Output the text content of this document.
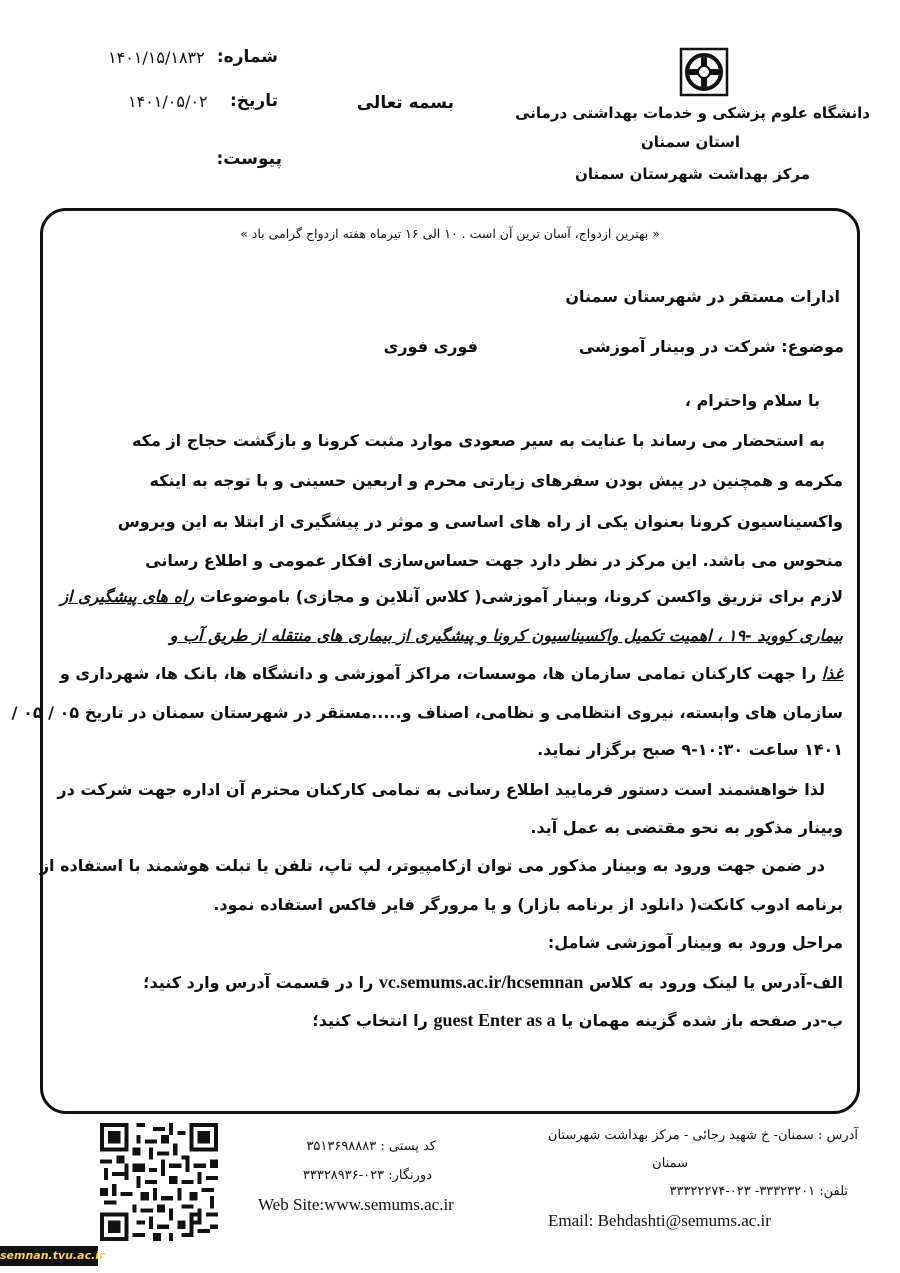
شماره:
۱۴۰۱/۱۵/۱۸۳۲
تاریخ:
۱۴۰۱/۰۵/۰۲
پیوست:
بسمه تعالی	دانشگاه علوم پزشکی و خدمات بهداشتی درمانی
استان سمنان
مرکز بهداشت شهرستان سمنان
« بهترین ازدواج، آسان ترین آن است . ۱۰ الی ۱۶ تیرماه هفته ازدواج گرامی باد »
ادارات مستقر در شهرستان سمنان
موضوع: شرکت در وبینار آموزشی
فوری فوری
با سلام واحترام ،
به استحضار می رساند با عنایت به سیر صعودی موارد مثبت کرونا و بازگشت حجاج از مکه
مکرمه و همچنین در پیش بودن سفرهای زیارتی محرم و اربعین حسینی و با توجه به اینکه
واکسیناسیون کرونا بعنوان یکی از راه های اساسی و موثر در پیشگیری از ابتلا به این ویروس
منحوس می باشد. این مرکز در نظر دارد جهت حساس‌سازی افکار عمومی و اطلاع رسانی
لازم برای تزریق واکسن کرونا، وبینار آموزشی( کلاس آنلاین و مجازی) باموضوعات راه های پیشگیری از
بیماری کووید -۱۹ ، اهمیت تکمیل واکسیناسیون کرونا و پیشگیری از بیماری های منتقله از طریق آب و
غذا را جهت کارکنان تمامی سازمان ها، موسسات، مراکز آموزشی و دانشگاه ها، بانک ها، شهرداری و
سازمان های وابسته، نیروی انتظامی و نظامی، اصناف و.....مستقر در شهرستان سمنان در تاریخ ۰۵ / ۰۵ /
۱۴۰۱ ساعت ۱۰:۳۰-۹ صبح برگزار نماید.
لذا خواهشمند است دستور فرمایید اطلاع رسانی به تمامی کارکنان محترم آن اداره جهت شرکت در
وبینار مذکور به نحو مقتضی به عمل آید.
در ضمن جهت ورود به وبینار مذکور می توان ازکامپیوتر، لپ تاپ، تلفن یا تبلت هوشمند با استفاده از
برنامه ادوب کانکت( دانلود از برنامه بازار) و یا مرورگر فایر فاکس استفاده نمود.
مراحل ورود به وبینار آموزشی شامل:
الف-آدرس یا لینک ورود به کلاس vc.semums.ac.ir/hcsemnan را در قسمت آدرس وارد کنید؛
ب-در صفحه باز شده گزینه مهمان یا guest Enter as a را انتخاب کنید؛
آدرس : سمنان- خ شهید رجائی - مرکز بهداشت شهرستان
سمنان
تلفن: ۳۳۳۲۳۲۰۱- ۰۲۳-۳۳۳۲۲۲۷۴
Email: Behdashti@semums.ac.ir
کد پستی : ۳۵۱۳۶۹۸۸۸۳
دورنگار: ۰۲۳-۳۳۳۲۸۹۳۶
Web Site:www.semums.ac.ir
semnan.tvu.ac.ir
